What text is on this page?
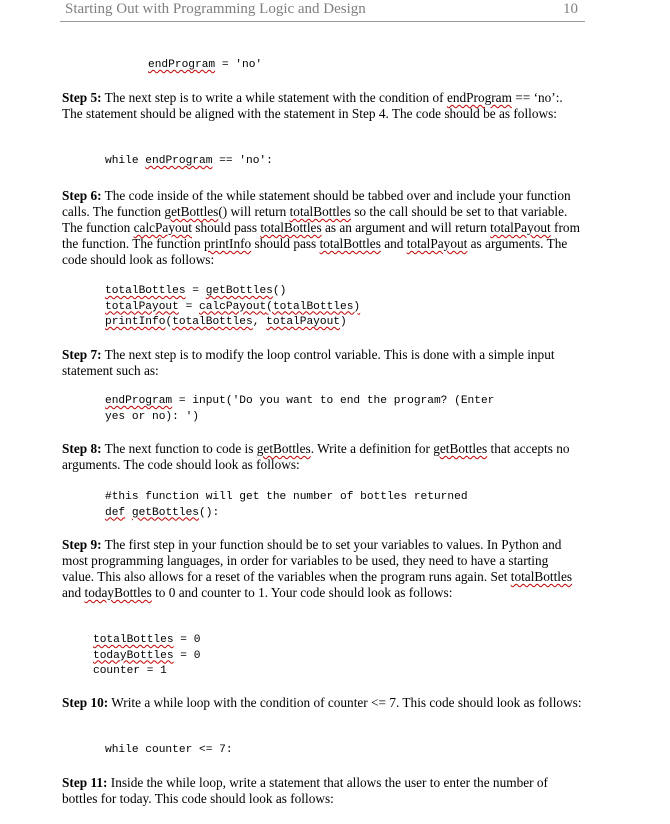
Starting Out with Programming Logic and Design	10
endProgram = 'no'

Step 5: The next step is to write a while statement with the condition of endProgram == ‘no’:. The statement should be aligned with the statement in Step 4. The code should be as follows:

while endProgram == 'no':

Step 6: The code inside of the while statement should be tabbed over and include your function calls. The function getBottles() will return totalBottles so the call should be set to that variable. The function calcPayout should pass totalBottles as an argument and will return totalPayout from the function. The function printInfo should pass totalBottles and totalPayout as arguments. The code should look as follows:

totalBottles = getBottles()
totalPayout = calcPayout(totalBottles)
printInfo(totalBottles, totalPayout)

Step 7: The next step is to modify the loop control variable. This is done with a simple input statement such as:

endProgram = input('Do you want to end the program? (Enter
yes or no): ')

Step 8: The next function to code is getBottles. Write a definition for getBottles that accepts no arguments. The code should look as follows:

#this function will get the number of bottles returned
def getBottles():

Step 9: The first step in your function should be to set your variables to values. In Python and most programming languages, in order for variables to be used, they need to have a starting value. This also allows for a reset of the variables when the program runs again. Set totalBottles and todayBottles to 0 and counter to 1. Your code should look as follows:

totalBottles = 0
todayBottles = 0
counter = 1

Step 10: Write a while loop with the condition of counter <= 7. This code should look as follows:

while counter <= 7:

Step 11: Inside the while loop, write a statement that allows the user to enter the number of bottles for today. This code should look as follows:
